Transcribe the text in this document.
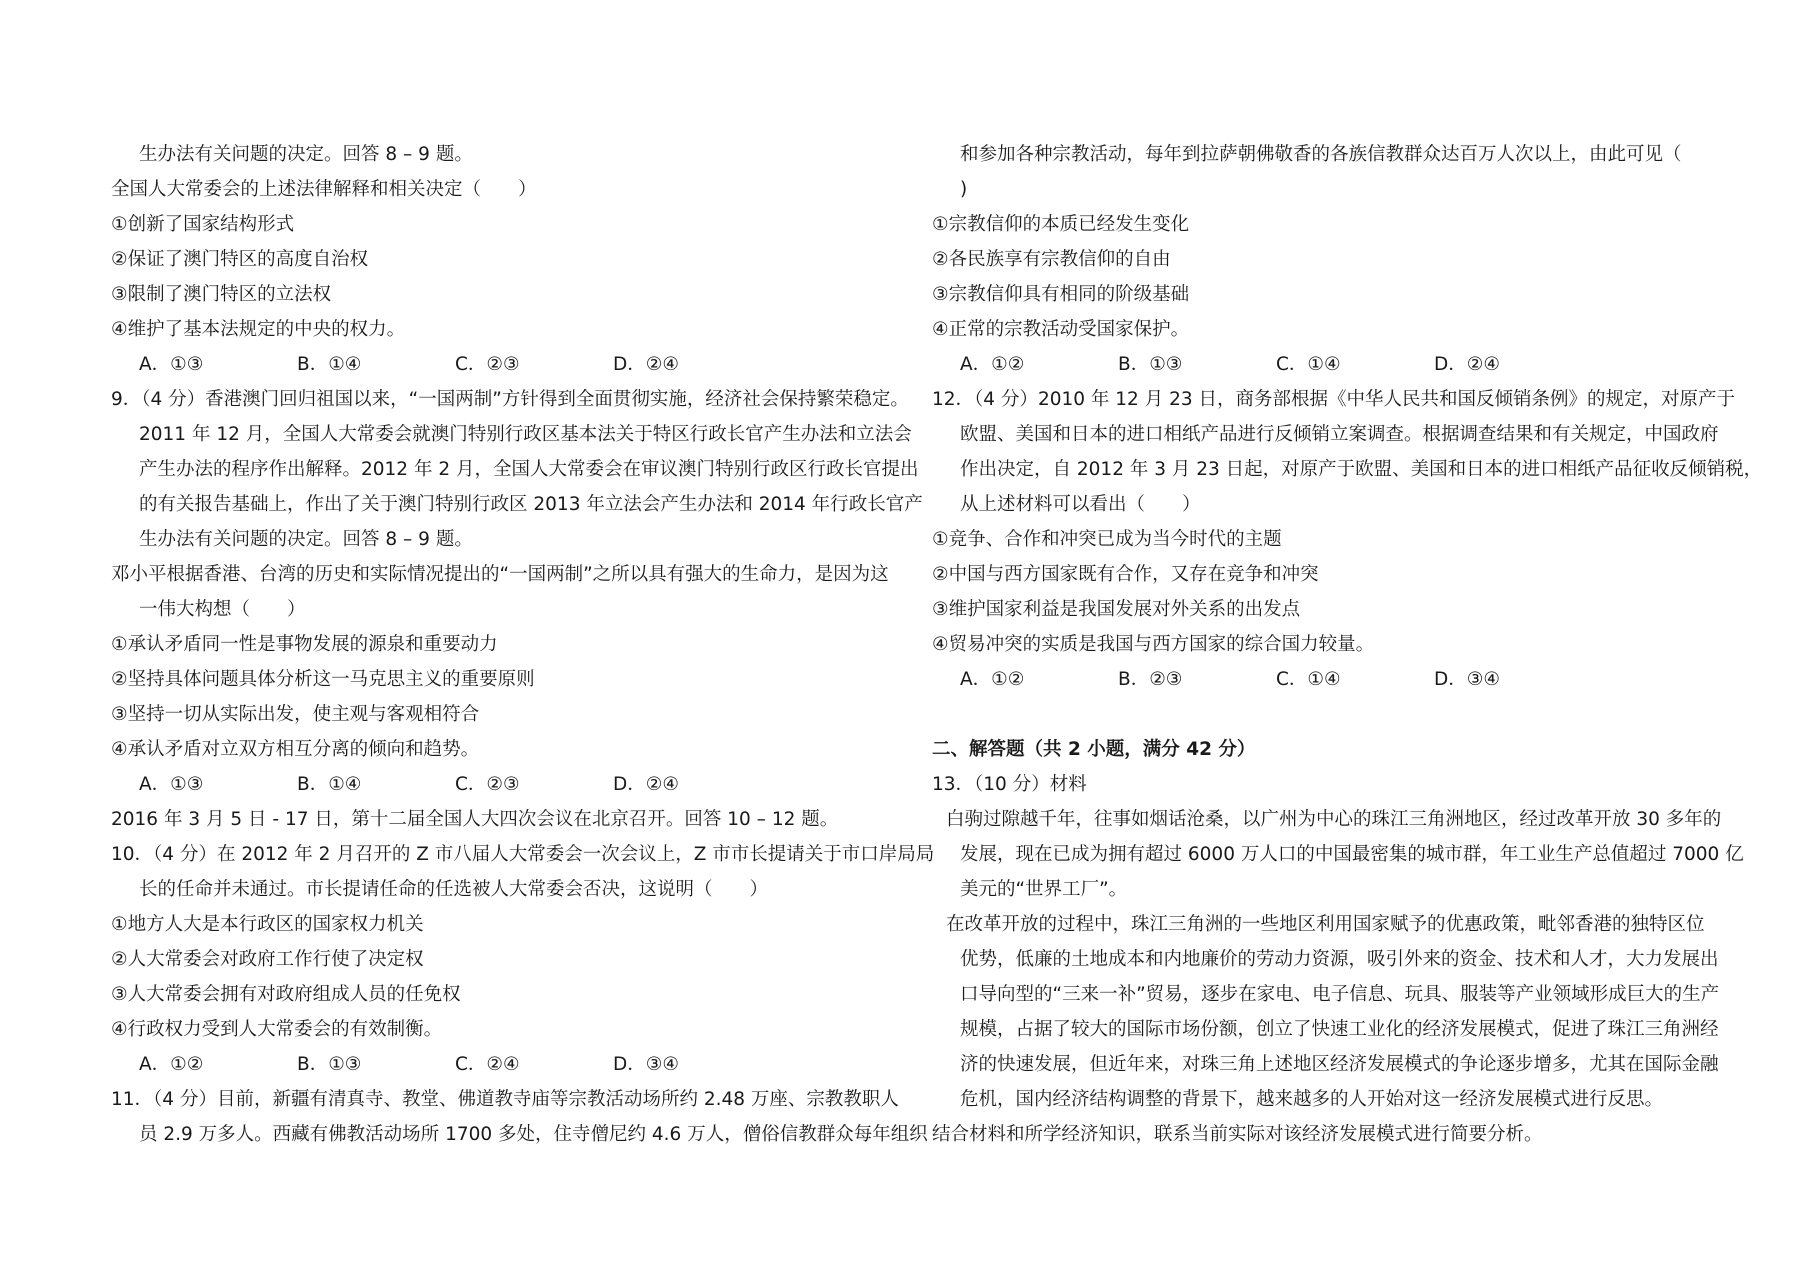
生办法有关问题的决定。回答 8 – 9 题。
全国人大常委会的上述法律解释和相关决定（　　）
①创新了国家结构形式
②保证了澳门特区的高度自治权
③限制了澳门特区的立法权
④维护了基本法规定的中央的权力。
A．①③	B．①④	C．②③	D．②④
9．（4 分）香港澳门回归祖国以来，“一国两制”方针得到全面贯彻实施，经济社会保持繁荣稳定。
2011 年 12 月，全国人大常委会就澳门特别行政区基本法关于特区行政长官产生办法和立法会
产生办法的程序作出解释。2012 年 2 月，全国人大常委会在审议澳门特别行政区行政长官提出
的有关报告基础上，作出了关于澳门特别行政区 2013 年立法会产生办法和 2014 年行政长官产
生办法有关问题的决定。回答 8 – 9 题。
邓小平根据香港、台湾的历史和实际情况提出的“一国两制”之所以具有强大的生命力，是因为这
一伟大构想（　　）
①承认矛盾同一性是事物发展的源泉和重要动力
②坚持具体问题具体分析这一马克思主义的重要原则
③坚持一切从实际出发，使主观与客观相符合
④承认矛盾对立双方相互分离的倾向和趋势。
A．①③	B．①④	C．②③	D．②④
2016 年 3 月 5 日 - 17 日，第十二届全国人大四次会议在北京召开。回答 10 – 12 题。
10．（4 分）在 2012 年 2 月召开的 Z 市八届人大常委会一次会议上，Z 市市长提请关于市口岸局局
长的任命并未通过。市长提请任命的任选被人大常委会否决，这说明（　　）
①地方人大是本行政区的国家权力机关
②人大常委会对政府工作行使了决定权
③人大常委会拥有对政府组成人员的任免权
④行政权力受到人大常委会的有效制衡。
A．①②	B．①③	C．②④	D．③④
11．（4 分）目前，新疆有清真寺、教堂、佛道教寺庙等宗教活动场所约 2.48 万座、宗教教职人
员 2.9 万多人。西藏有佛教活动场所 1700 多处，住寺僧尼约 4.6 万人，僧俗信教群众每年组织
和参加各种宗教活动，每年到拉萨朝佛敬香的各族信教群众达百万人次以上，由此可见（
)
①宗教信仰的本质已经发生变化
②各民族享有宗教信仰的自由
③宗教信仰具有相同的阶级基础
④正常的宗教活动受国家保护。
A．①②	B．①③	C．①④	D．②④
12．（4 分）2010 年 12 月 23 日，商务部根据《中华人民共和国反倾销条例》的规定，对原产于
欧盟、美国和日本的进口相纸产品进行反倾销立案调查。根据调查结果和有关规定，中国政府
作出决定，自 2012 年 3 月 23 日起，对原产于欧盟、美国和日本的进口相纸产品征收反倾销税，
从上述材料可以看出（　　）
①竞争、合作和冲突已成为当今时代的主题
②中国与西方国家既有合作，又存在竞争和冲突
③维护国家利益是我国发展对外关系的出发点
④贸易冲突的实质是我国与西方国家的综合国力较量。
A．①②	B．②③	C．①④	D．③④
二、解答题（共 2 小题，满分 42 分）
13．（10 分）材料
白驹过隙越千年，往事如烟话沧桑，以广州为中心的珠江三角洲地区，经过改革开放 30 多年的
发展，现在已成为拥有超过 6000 万人口的中国最密集的城市群，年工业生产总值超过 7000 亿
美元的“世界工厂”。
在改革开放的过程中，珠江三角洲的一些地区利用国家赋予的优惠政策，毗邻香港的独特区位
优势，低廉的土地成本和内地廉价的劳动力资源，吸引外来的资金、技术和人才，大力发展出
口导向型的“三来一补”贸易，逐步在家电、电子信息、玩具、服装等产业领域形成巨大的生产
规模，占据了较大的国际市场份额，创立了快速工业化的经济发展模式，促进了珠江三角洲经
济的快速发展，但近年来，对珠三角上述地区经济发展模式的争论逐步增多，尤其在国际金融
危机，国内经济结构调整的背景下，越来越多的人开始对这一经济发展模式进行反思。
结合材料和所学经济知识，联系当前实际对该经济发展模式进行简要分析。
